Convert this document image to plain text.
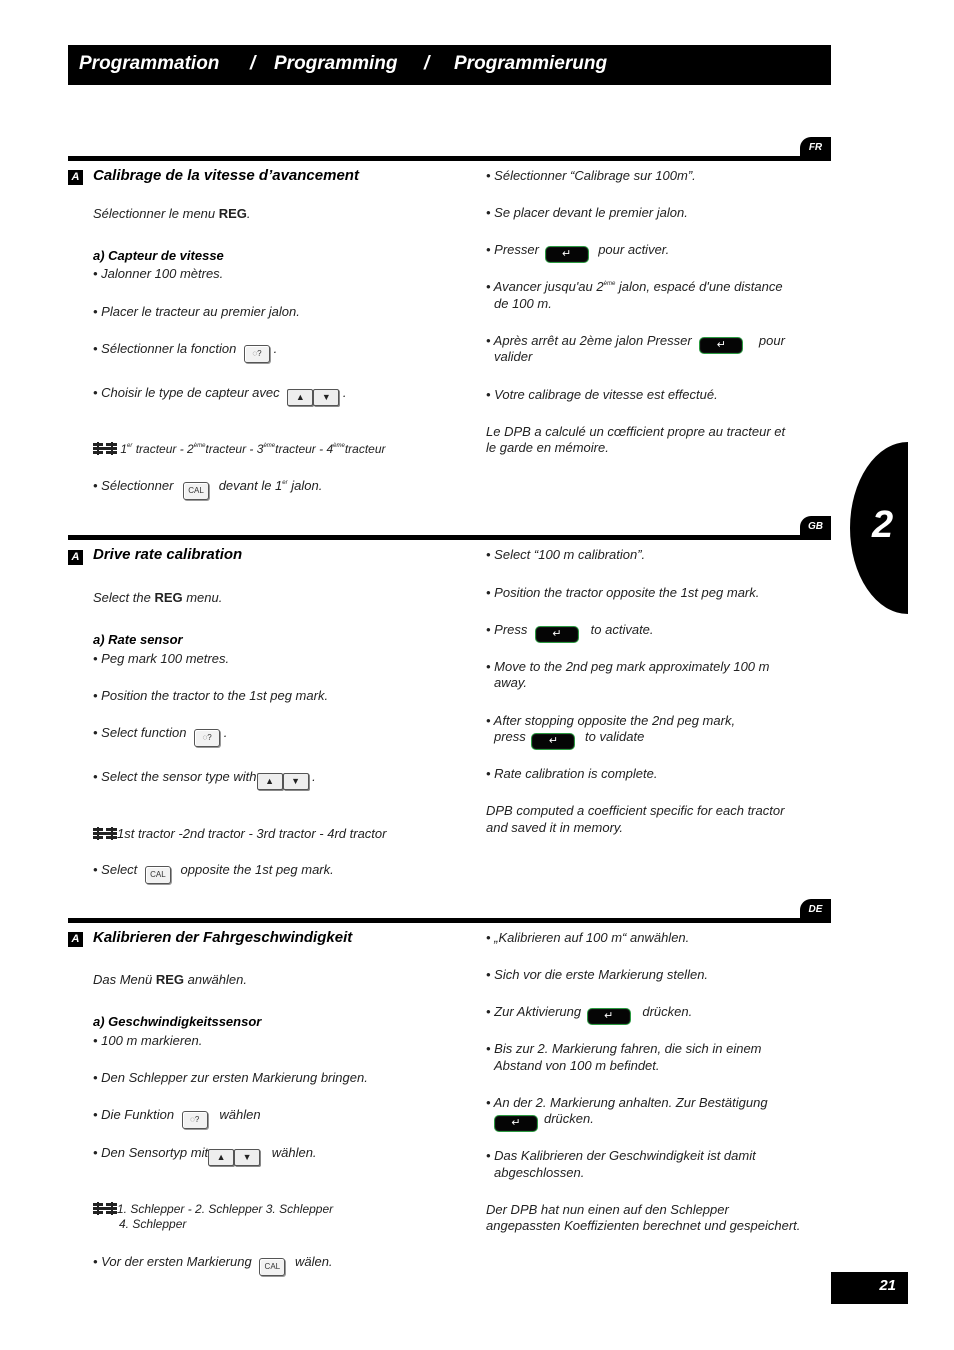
Programmation / Programming / Programmierung
2
FR
A Calibrage de la vitesse d’avancement
Sélectionner le menu REG.
a) Capteur de vitesse
• Jalonner 100 mètres.
• Placer le tracteur au premier jalon.
• Sélectionner la fonction ◌? .
• Choisir le type de capteur avec ▲ ▼ .
1er tracteur - 2èmetracteur - 3èmetracteur - 4èmetracteur
• Sélectionner CAL devant le 1er jalon.
• Sélectionner “Calibrage sur 100m”.
• Se placer devant le premier jalon.
• Presser ↵ pour activer.
• Avancer jusqu'au 2ème jalon, espacé d'une distance
de 100 m.
• Après arrêt au 2ème jalon Presser ↵	pour
valider
• Votre calibrage de vitesse est effectué.
Le DPB a calculé un cœfficient propre au tracteur et
le garde en mémoire.
GB
A Drive rate calibration
Select the REG menu.
a) Rate sensor
• Peg mark 100 metres.
• Position the tractor to the 1st peg mark.
• Select function ◌? .
• Select the sensor type with ▲ ▼ .
1st tractor -2nd tractor - 3rd tractor - 4rd tractor
• Select CAL opposite the 1st peg mark.
• Select “100 m calibration”.
• Position the tractor opposite the 1st peg mark.
• Press ↵ to activate.
• Move to the 2nd peg mark approximately 100 m
away.
• After stopping opposite the 2nd peg mark,
press ↵ to validate
• Rate calibration is complete.
DPB computed a coefficient specific for each tractor
and saved it in memory.
DE
A Kalibrieren der Fahrgeschwindigkeit
Das Menü REG anwählen.
a) Geschwindigkeitssensor
• 100 m markieren.
• Den Schlepper zur ersten Markierung bringen.
• Die Funktion ◌? wählen
• Den Sensortyp mit ▲ ▼ wählen.
1. Schlepper - 2. Schlepper 3. Schlepper
4. Schlepper
• Vor der ersten Markierung CAL wälen.
• „Kalibrieren auf 100 m“ anwählen.
• Sich vor die erste Markierung stellen.
• Zur Aktivierung ↵ drücken.
• Bis zur 2. Markierung fahren, die sich in einem
Abstand von 100 m befindet.
• An der 2. Markierung anhalten. Zur Bestätigung
↵ drücken.
• Das Kalibrieren der Geschwindigkeit ist damit
abgeschlossen.
Der DPB hat nun einen auf den Schlepper
angepassten Koeffizienten berechnet und gespeichert.
21
